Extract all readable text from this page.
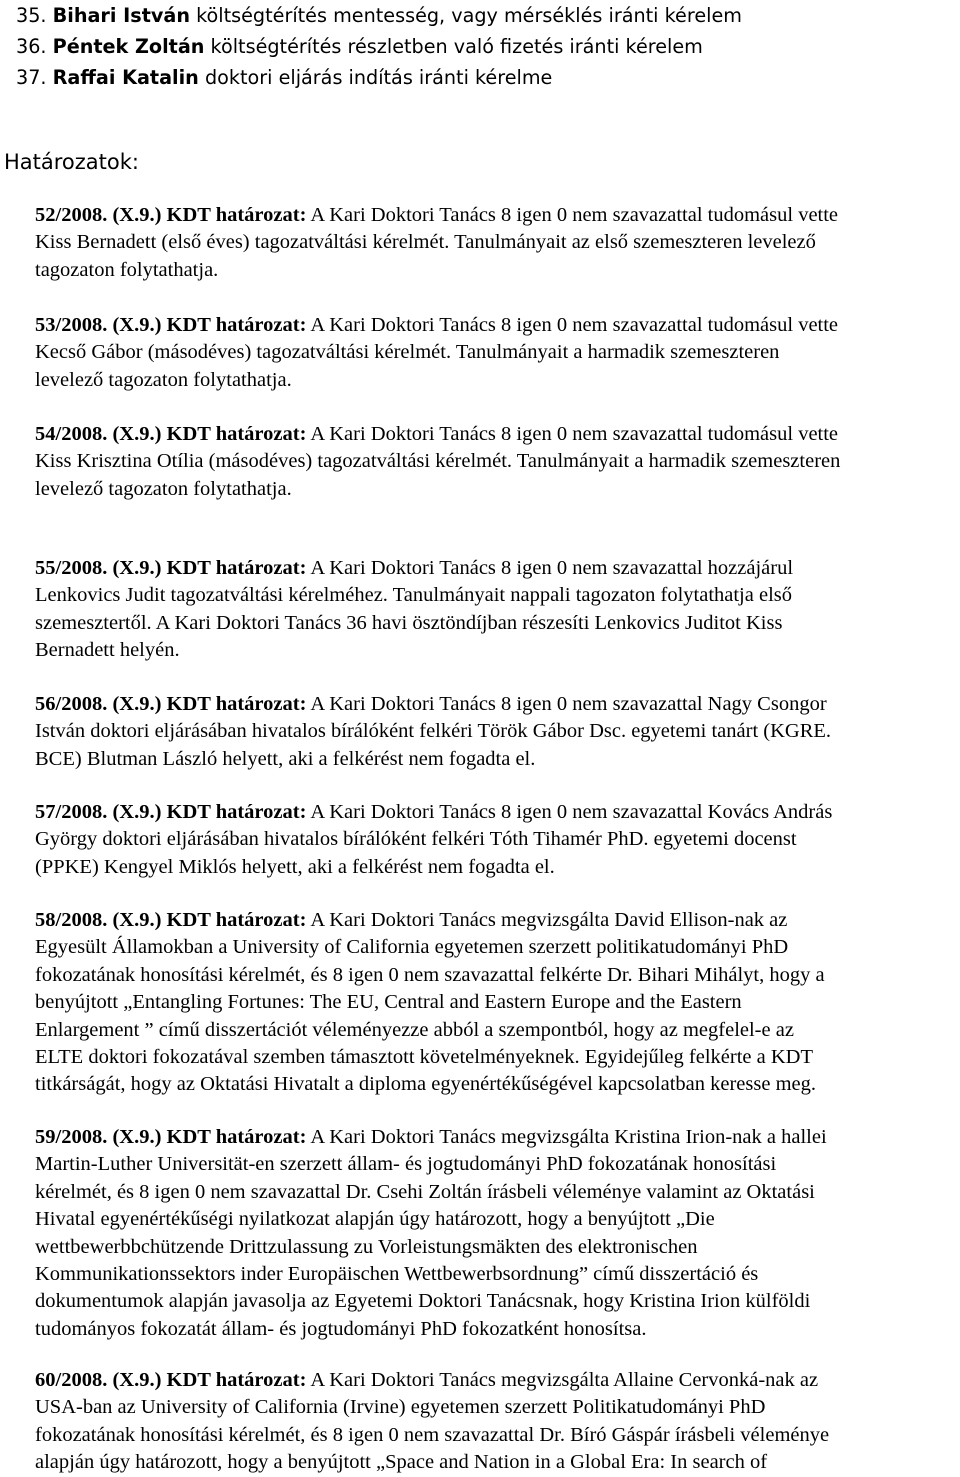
35. Bihari István költségtérítés mentesség, vagy mérséklés iránti kérelem
36. Péntek Zoltán költségtérítés részletben való fizetés iránti kérelem
37. Raffai Katalin doktori eljárás indítás iránti kérelme
Határozatok:
52/2008. (X.9.) KDT határozat: A Kari Doktori Tanács 8 igen 0 nem szavazattal tudomásul vette
Kiss Bernadett (első éves) tagozatváltási kérelmét. Tanulmányait az első szemeszteren levelező
tagozaton folytathatja.
53/2008. (X.9.) KDT határozat: A Kari Doktori Tanács 8 igen 0 nem szavazattal tudomásul vette
Kecső Gábor (másodéves) tagozatváltási kérelmét. Tanulmányait a harmadik szemeszteren
levelező tagozaton folytathatja.
54/2008. (X.9.) KDT határozat: A Kari Doktori Tanács 8 igen 0 nem szavazattal tudomásul vette
Kiss Krisztina Otília (másodéves) tagozatváltási kérelmét. Tanulmányait a harmadik szemeszteren
levelező tagozaton folytathatja.
55/2008. (X.9.) KDT határozat: A Kari Doktori Tanács 8 igen 0 nem szavazattal hozzájárul
Lenkovics Judit tagozatváltási kérelméhez. Tanulmányait nappali tagozaton folytathatja első
szemesztertől. A Kari Doktori Tanács 36 havi ösztöndíjban részesíti Lenkovics Juditot Kiss
Bernadett helyén.
56/2008. (X.9.) KDT határozat: A Kari Doktori Tanács 8 igen 0 nem szavazattal Nagy Csongor
István doktori eljárásában hivatalos bírálóként felkéri Török Gábor Dsc. egyetemi tanárt (KGRE.
BCE) Blutman László helyett, aki a felkérést nem fogadta el.
57/2008. (X.9.) KDT határozat: A Kari Doktori Tanács 8 igen 0 nem szavazattal Kovács András
György doktori eljárásában hivatalos bírálóként felkéri Tóth Tihamér PhD. egyetemi docenst
(PPKE) Kengyel Miklós helyett, aki a felkérést nem fogadta el.
58/2008. (X.9.) KDT határozat: A Kari Doktori Tanács megvizsgálta David Ellison-nak az
Egyesült Államokban a University of California egyetemen szerzett politikatudományi PhD
fokozatának honosítási kérelmét, és 8 igen 0 nem szavazattal felkérte Dr. Bihari Mihályt, hogy a
benyújtott „Entangling Fortunes: The EU, Central and Eastern Europe and the Eastern
Enlargement ” című disszertációt véleményezze abból a szempontból, hogy az megfelel-e az
ELTE doktori fokozatával szemben támasztott követelményeknek. Egyidejűleg felkérte a KDT
titkárságát, hogy az Oktatási Hivatalt a diploma egyenértékűségével kapcsolatban keresse meg.
59/2008. (X.9.) KDT határozat: A Kari Doktori Tanács megvizsgálta Kristina Irion-nak a hallei
Martin-Luther Universität-en szerzett állam- és jogtudományi PhD fokozatának honosítási
kérelmét, és 8 igen 0 nem szavazattal Dr. Csehi Zoltán írásbeli véleménye valamint az Oktatási
Hivatal egyenértékűségi nyilatkozat alapján úgy határozott, hogy a benyújtott „Die
wettbewerbbchützende Drittzulassung zu Vorleistungsmäkten des elektronischen
Kommunikationssektors inder Europäischen Wettbewerbsordnung” című disszertáció és
dokumentumok alapján javasolja az Egyetemi Doktori Tanácsnak, hogy Kristina Irion külföldi
tudományos fokozatát állam- és jogtudományi PhD fokozatként honosítsa.
60/2008. (X.9.) KDT határozat: A Kari Doktori Tanács megvizsgálta Allaine Cervonká-nak az
USA-ban az University of California (Irvine) egyetemen szerzett Politikatudományi PhD
fokozatának honosítási kérelmét, és 8 igen 0 nem szavazattal Dr. Bíró Gáspár írásbeli véleménye
alapján úgy határozott, hogy a benyújtott „Space and Nation in a Global Era: In search of
